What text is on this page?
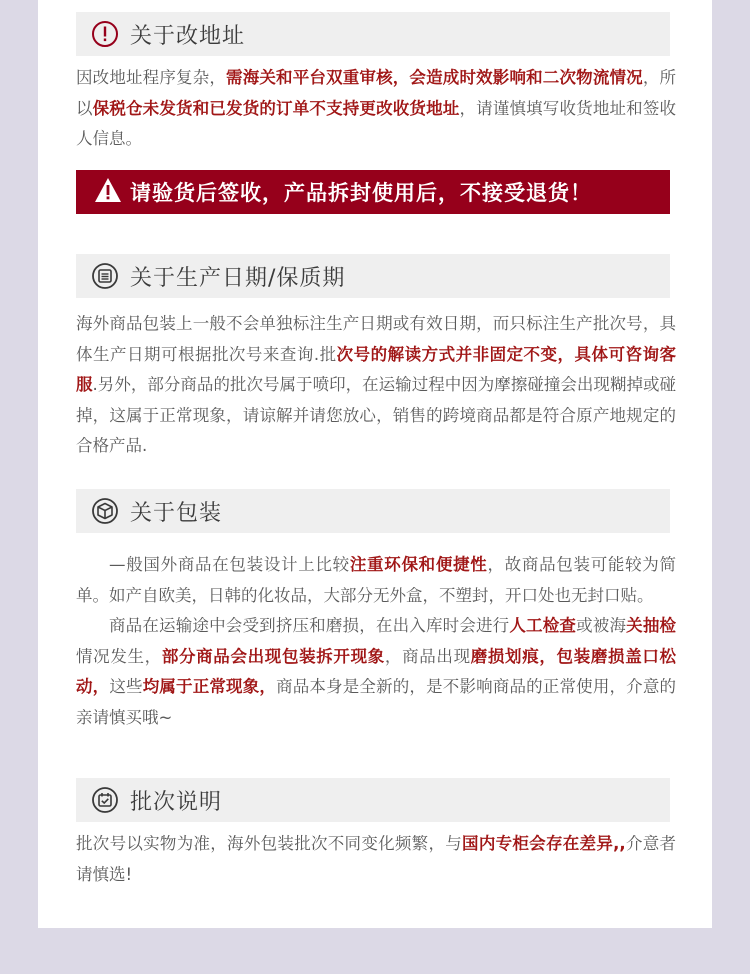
关于改地址
因改地址程序复杂，需海关和平台双重审核，会造成时效影响和二次物流情况，所以保税仓未发货和已发货的订单不支持更改收货地址，请谨慎填写收货地址和签收人信息。
请验货后签收，产品拆封使用后，不接受退货！
关于生产日期/保质期
海外商品包装上一般不会单独标注生产日期或有效日期，而只标注生产批次号，具体生产日期可根据批次号来查询.批次号的解读方式并非固定不变，具体可咨询客服.另外，部分商品的批次号属于喷印，在运输过程中因为摩擦碰撞会出现糊掉或碰掉，这属于正常现象，请谅解并请您放心，销售的跨境商品都是符合原产地规定的合格产品.
关于包装

—般国外商品在包装设计上比较注重环保和便捷性，故商品包装可能较为简单。如产自欧美，日韩的化妆品，大部分无外盒，不塑封，开口处也无封口贴。

商品在运输途中会受到挤压和磨损，在出入库时会进行人工检查或被海关抽检情况发生，部分商品会出现包装拆开现象，商品出现磨损划痕，包装磨损盖口松动，这些均属于正常现象，商品本身是全新的，是不影响商品的正常使用，介意的亲请慎买哦~

批次说明
批次号以实物为准，海外包装批次不同变化频繁，与国内专柜会存在差异,,介意者请慎选!
